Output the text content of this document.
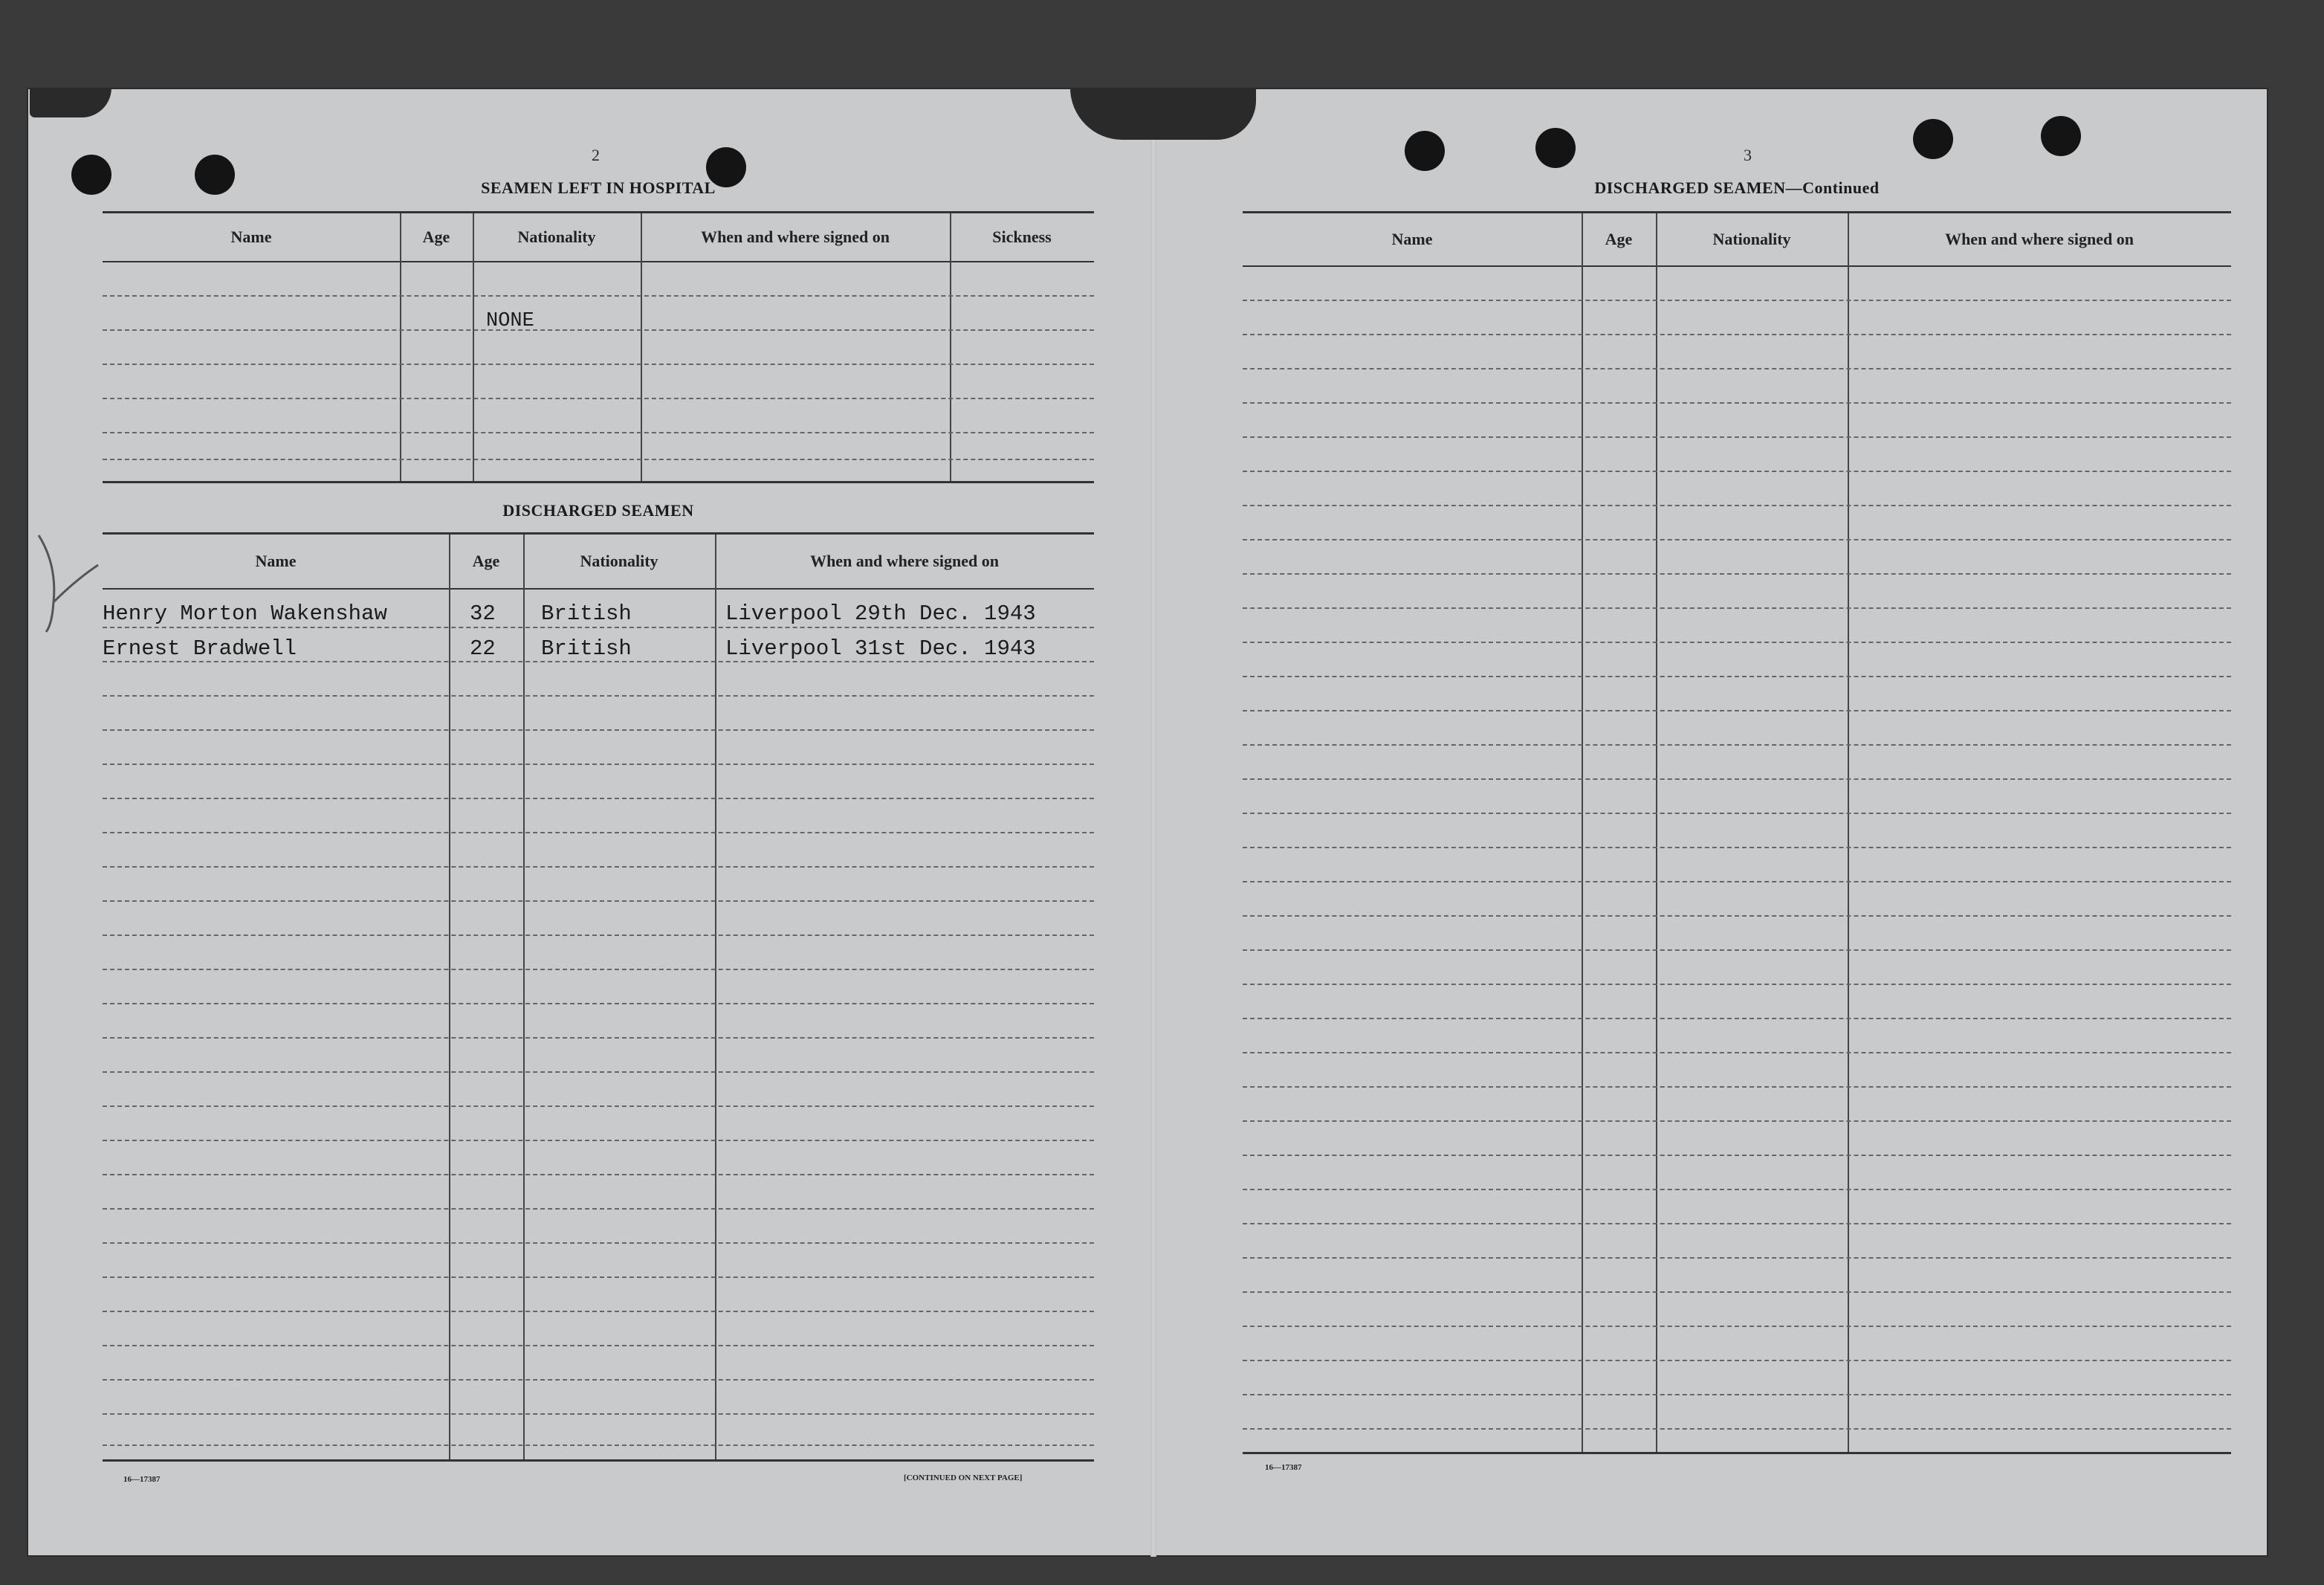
2
SEAMEN LEFT IN HOSPITAL
Name	Age	Nationality	When and where signed on	Sickness
NONE
DISCHARGED SEAMEN
Name	Age	Nationality	When and where signed on
Henry Morton Wakenshaw	32 British	Liverpool 29th Dec. 1943
Ernest Bradwell	22 British	Liverpool 31st Dec. 1943
16—17387	[CONTINUED ON NEXT PAGE]
3
DISCHARGED SEAMEN—Continued
Name	Age	Nationality	When and where signed on
16—17387
